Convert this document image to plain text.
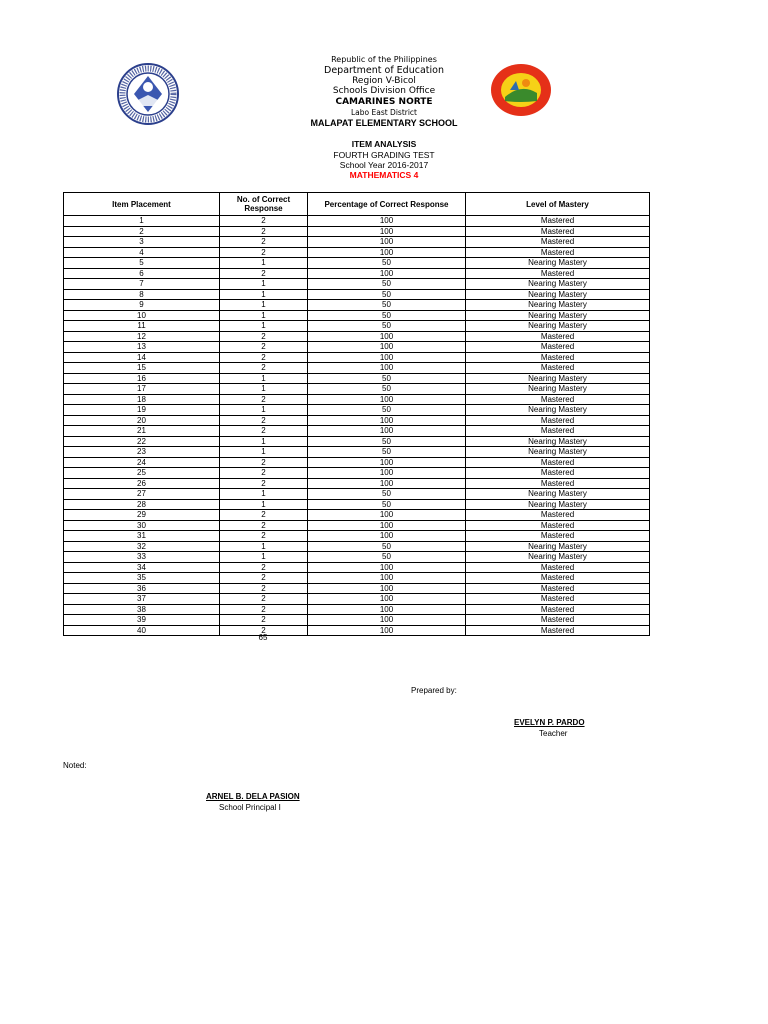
Republic of the Philippines
Department of Education
Region V-Bicol
Schools Division Office
CAMARINES NORTE
Labo East District
MALAPAT ELEMENTARY SCHOOL
ITEM ANALYSIS
FOURTH GRADING TEST
School Year 2016-2017
MATHEMATICS 4
Item Placement	No. of Correct Response	Percentage of Correct Response	Level of Mastery
1	2	100	Mastered
2	2	100	Mastered
3	2	100	Mastered
4	2	100	Mastered
5	1	50	Nearing Mastery
6	2	100	Mastered
7	1	50	Nearing Mastery
8	1	50	Nearing Mastery
9	1	50	Nearing Mastery
10	1	50	Nearing Mastery
11	1	50	Nearing Mastery
12	2	100	Mastered
13	2	100	Mastered
14	2	100	Mastered
15	2	100	Mastered
16	1	50	Nearing Mastery
17	1	50	Nearing Mastery
18	2	100	Mastered
19	1	50	Nearing Mastery
20	2	100	Mastered
21	2	100	Mastered
22	1	50	Nearing Mastery
23	1	50	Nearing Mastery
24	2	100	Mastered
25	2	100	Mastered
26	2	100	Mastered
27	1	50	Nearing Mastery
28	1	50	Nearing Mastery
29	2	100	Mastered
30	2	100	Mastered
31	2	100	Mastered
32	1	50	Nearing Mastery
33	1	50	Nearing Mastery
34	2	100	Mastered
35	2	100	Mastered
36	2	100	Mastered
37	2	100	Mastered
38	2	100	Mastered
39	2	100	Mastered
40	2	100	Mastered
65
Prepared by:
EVELYN P. PARDO
Teacher
Noted:
ARNEL B. DELA PASION
School Principal I
